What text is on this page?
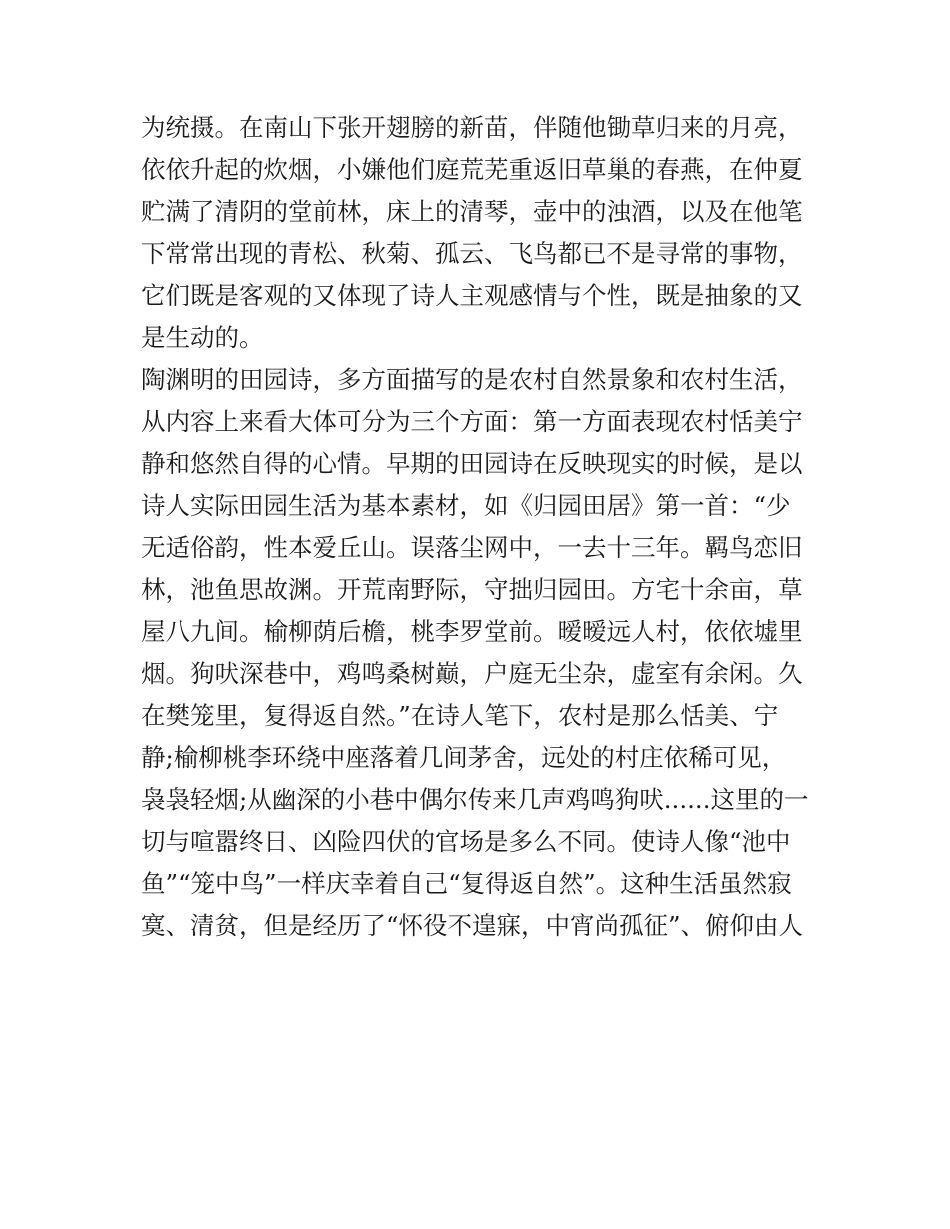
为统摄。在南山下张开翅膀的新苗，伴随他锄草归来的月亮，

依依升起的炊烟，小嫌他们庭荒芜重返旧草巢的春燕，在仲夏

贮满了清阴的堂前林，床上的清琴，壶中的浊酒，以及在他笔

下常常出现的青松、秋菊、孤云、飞鸟都已不是寻常的事物，

它们既是客观的又体现了诗人主观感情与个性，既是抽象的又

是生动的。

陶渊明的田园诗，多方面描写的是农村自然景象和农村生活，

从内容上来看大体可分为三个方面：第一方面表现农村恬美宁

静和悠然自得的心情。早期的田园诗在反映现实的时候，是以

诗人实际田园生活为基本素材，如《归园田居》第一首：“少

无适俗韵，性本爱丘山。误落尘网中，一去十三年。羁鸟恋旧

林，池鱼思故渊。开荒南野际，守拙归园田。方宅十余亩，草

屋八九间。榆柳荫后檐，桃李罗堂前。暧暧远人村，依依墟里

烟。狗吠深巷中，鸡鸣桑树巅，户庭无尘杂，虚室有余闲。久

在樊笼里，复得返自然。”在诗人笔下，农村是那么恬美、宁

静;榆柳桃李环绕中座落着几间茅舍，远处的村庄依稀可见，

袅袅轻烟;从幽深的小巷中偶尔传来几声鸡鸣狗吠......这里的一

切与喧嚣终日、凶险四伏的官场是多么不同。使诗人像“池中

鱼”“笼中鸟”一样庆幸着自己“复得返自然”。这种生活虽然寂

寞、清贫，但是经历了“怀役不遑寐，中宵尚孤征”、俯仰由人
